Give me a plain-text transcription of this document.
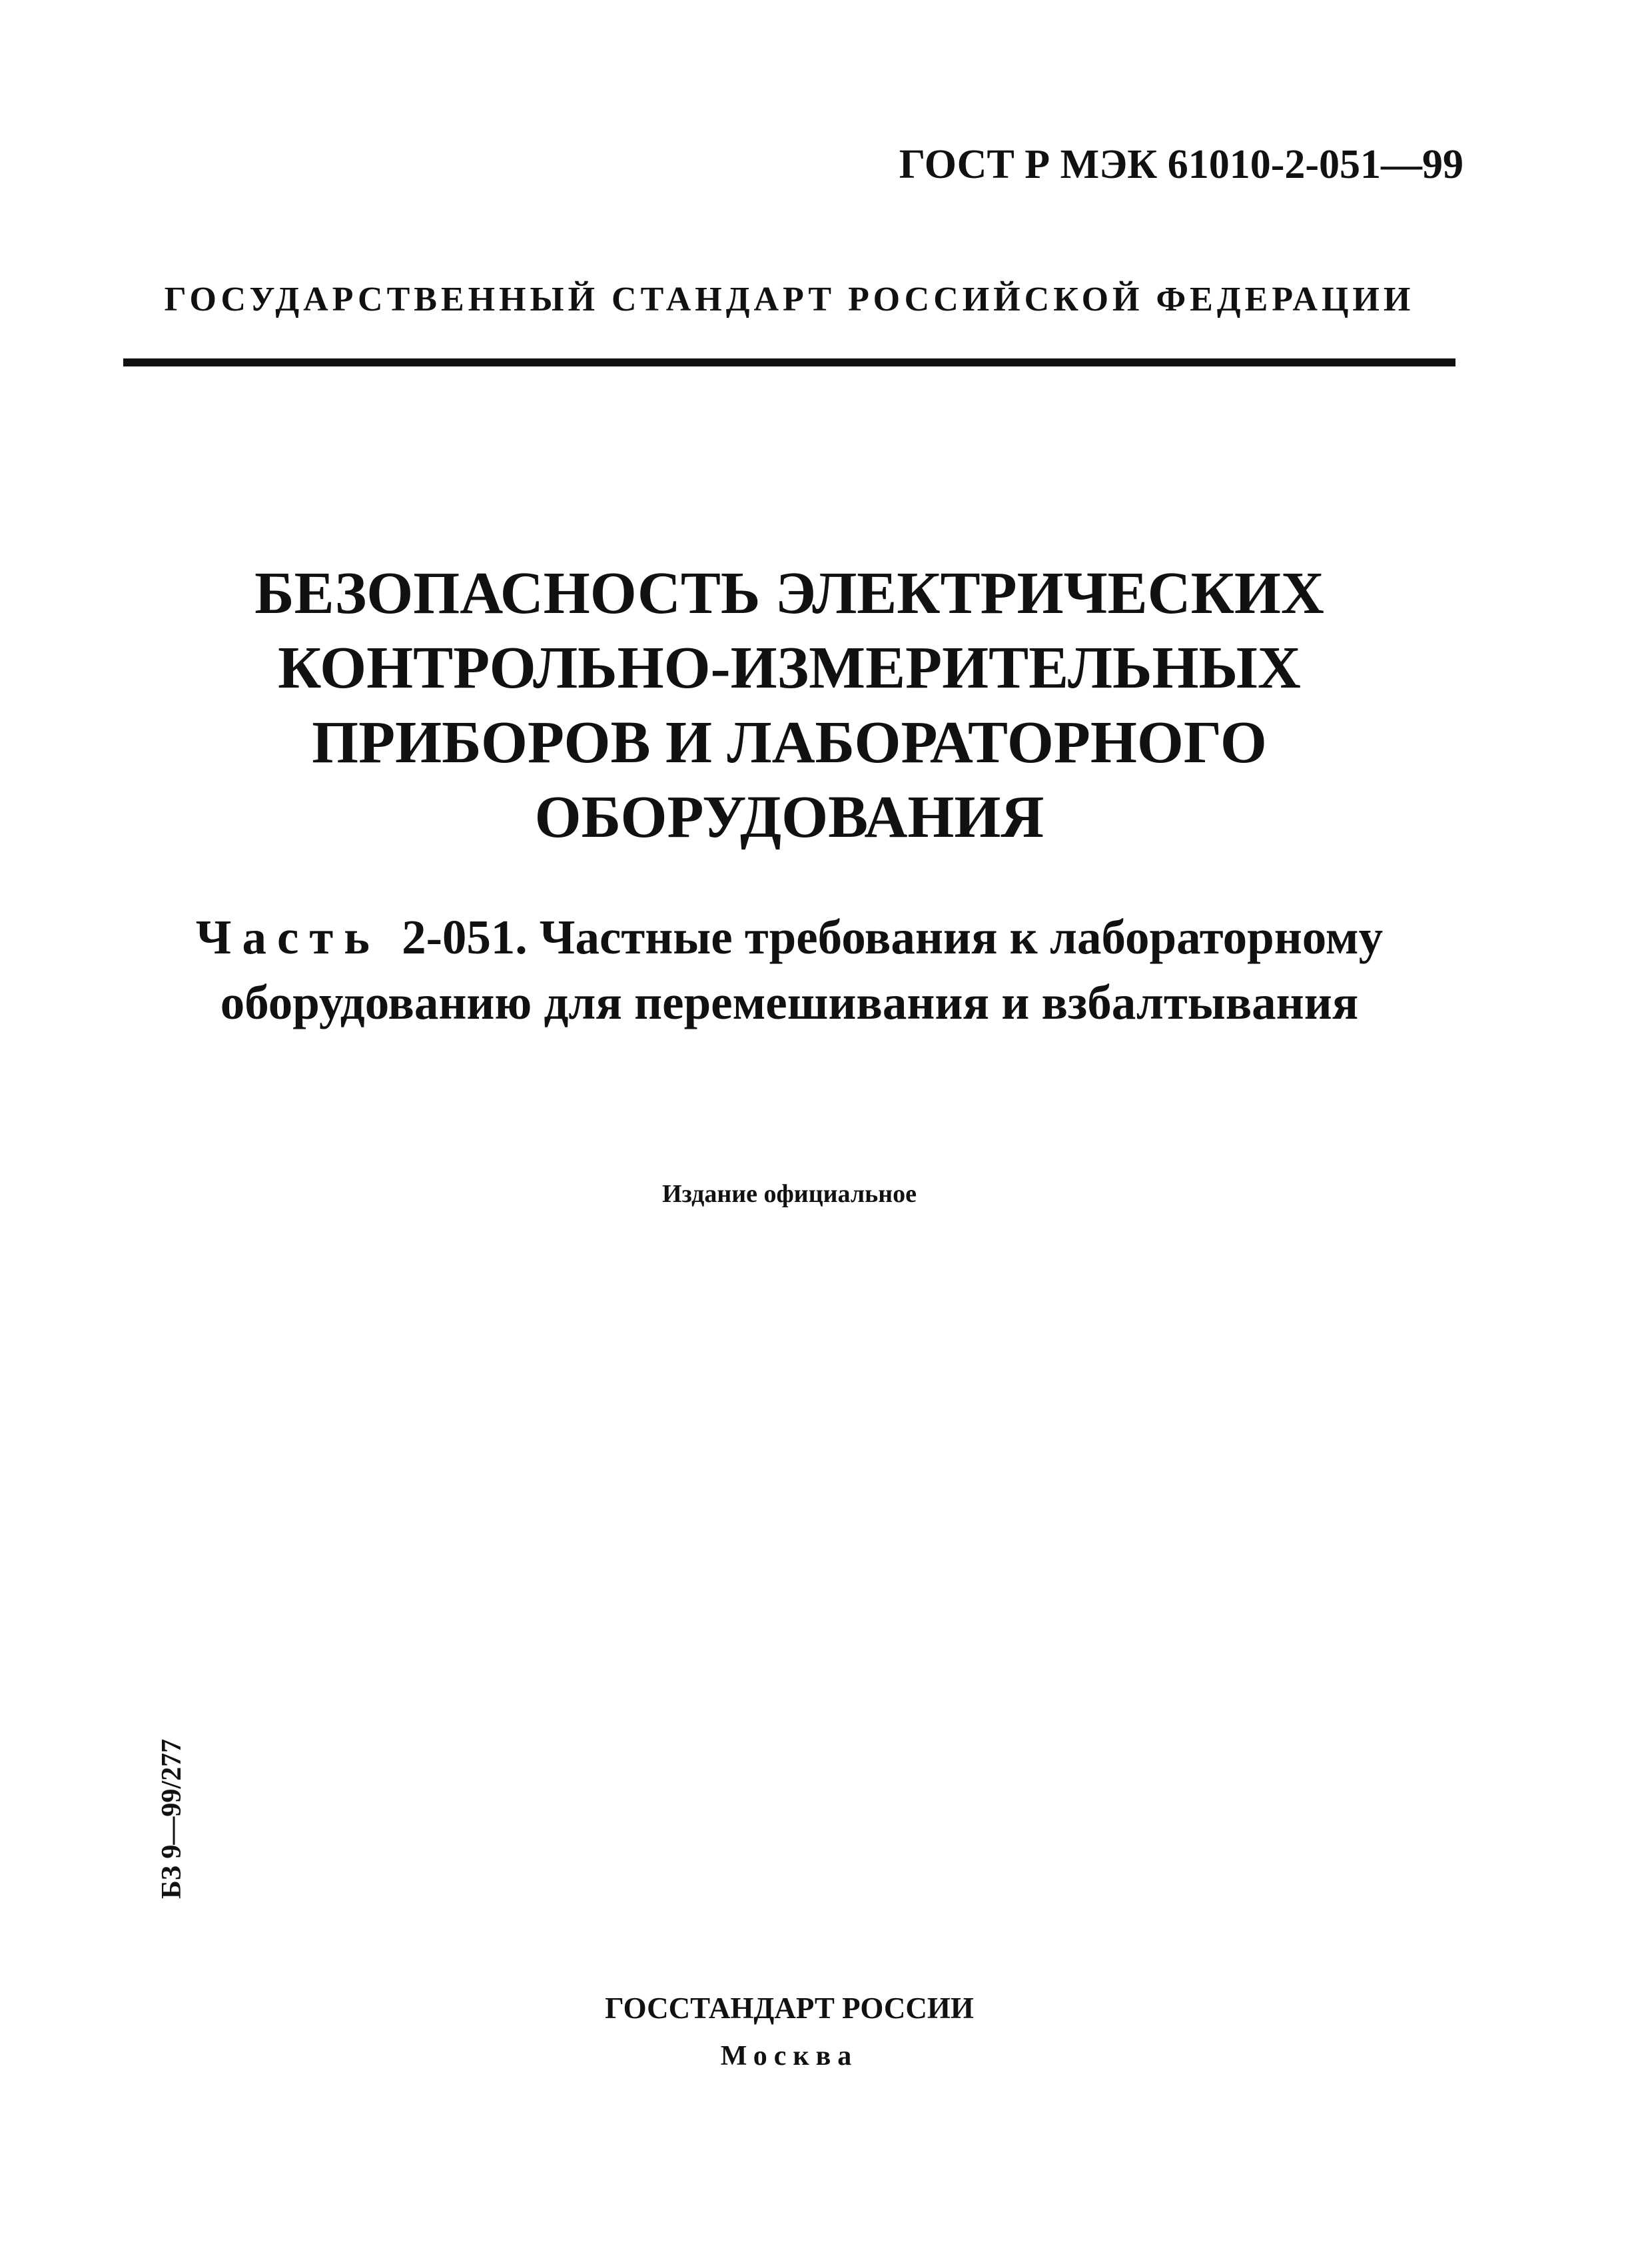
ГОСТ Р МЭК 61010-2-051—99
ГОСУДАРСТВЕННЫЙ СТАНДАРТ РОССИЙСКОЙ ФЕДЕРАЦИИ
БЕЗОПАСНОСТЬ ЭЛЕКТРИЧЕСКИХ
КОНТРОЛЬНО-ИЗМЕРИТЕЛЬНЫХ
ПРИБОРОВ И ЛАБОРАТОРНОГО
ОБОРУДОВАНИЯ
Часть 2-051. Частные требования к лабораторному
оборудованию для перемешивания и взбалтывания
Издание официальное
БЗ 9—99/277
ГОССТАНДАРТ РОССИИ
Москва
